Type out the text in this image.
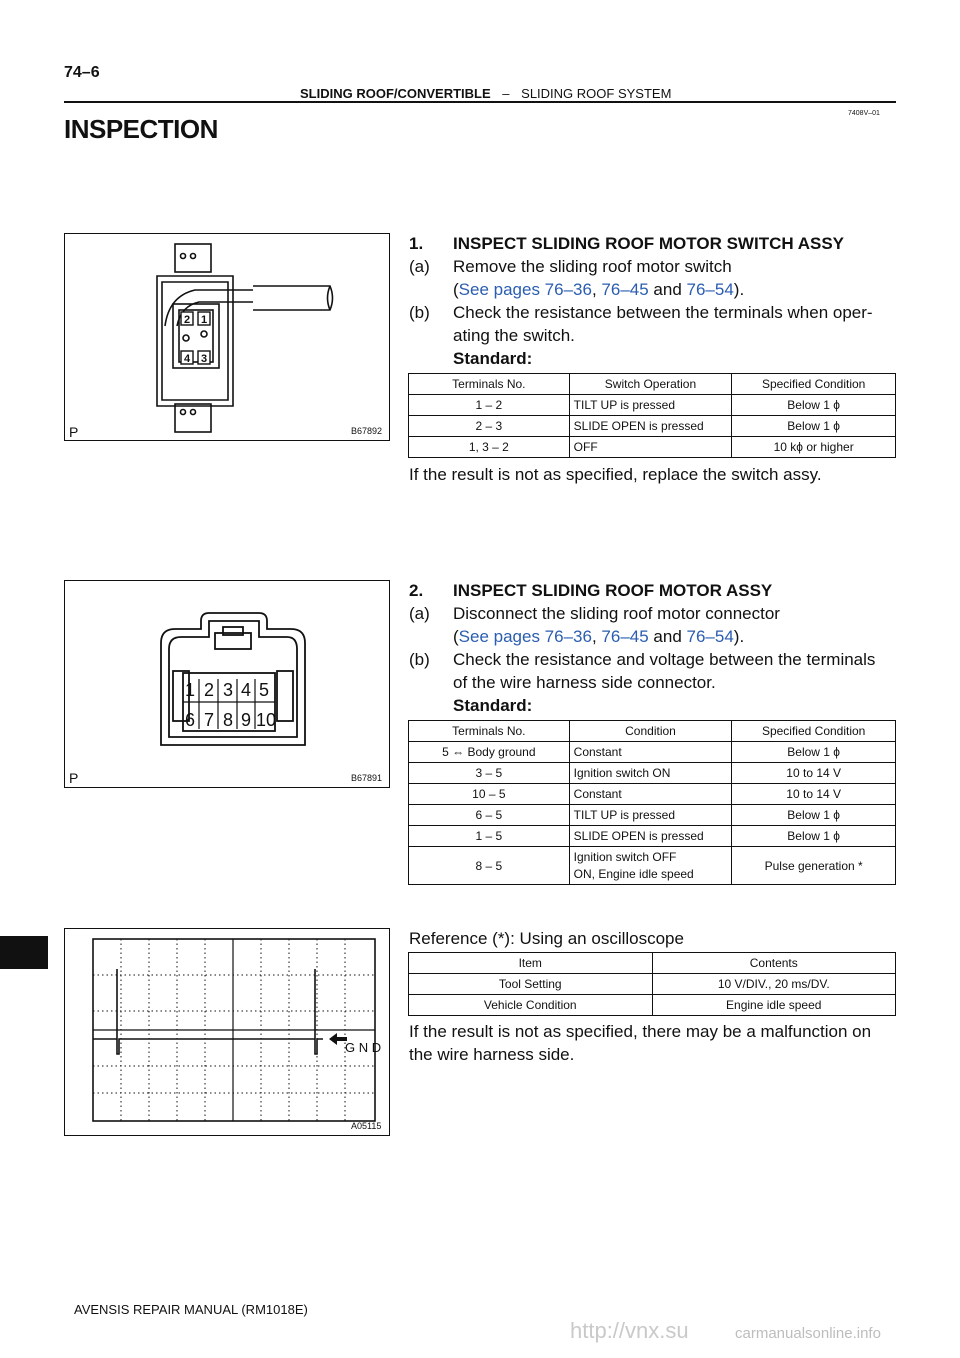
74–6
SLIDING ROOF/CONVERTIBLE – SLIDING ROOF SYSTEM
7408V–01
INSPECTION
2 1
4 3
P	B67892
1. INSPECT SLIDING ROOF MOTOR SWITCH ASSY
(a) Remove the sliding roof motor switch
(See pages 76–36, 76–45 and 76–54).
(b) Check the resistance between the terminals when oper-
ating the switch.
Standard:
Terminals No.	Switch Operation	Specified Condition
1 – 2	TILT UP is pressed	Below 1 ϕ
2 – 3	SLIDE OPEN is pressed	Below 1 ϕ
1, 3 – 2	OFF	10 kϕ or higher
If the result is not as specified, replace the switch assy.
1 2 3 4 5
6 7 8 9 10
P	B67891
2. INSPECT SLIDING ROOF MOTOR ASSY
(a) Disconnect the sliding roof motor connector
(See pages 76–36, 76–45 and 76–54).
(b) Check the resistance and voltage between the terminals
of the wire harness side connector.
Standard:
Terminals No.	Condition	Specified Condition
5 ⇔ Body ground	Constant	Below 1 ϕ
3 – 5	Ignition switch ON	10 to 14 V
10 – 5	Constant	10 to 14 V
6 – 5	TILT UP is pressed	Below 1 ϕ
1 – 5	SLIDE OPEN is pressed	Below 1 ϕ
8 – 5	Ignition switch OFF
ON, Engine idle speed	Pulse generation *
Reference (*): Using an oscilloscope
Item	Contents
Tool Setting	10 V/DIV., 20 ms/DV.
Vehicle Condition	Engine idle speed
If the result is not as specified, there may be a malfunction on
the wire harness side.
G N D
A05115
AVENSIS REPAIR MANUAL (RM1018E)
http://vnx.su	carmanualsonline.info
